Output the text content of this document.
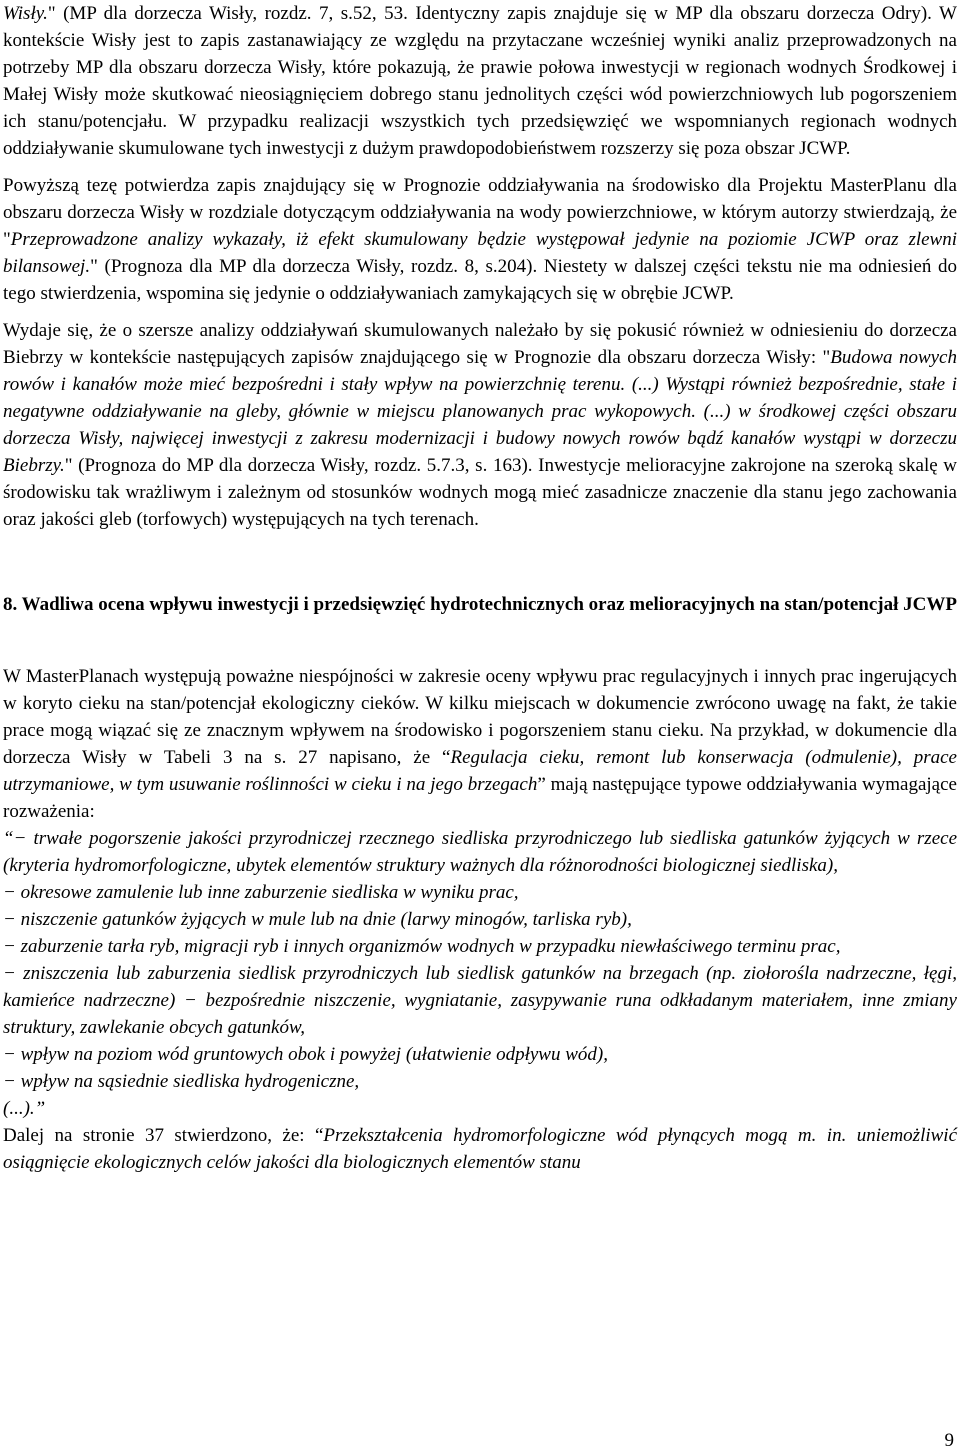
Wisły." (MP dla dorzecza Wisły, rozdz. 7, s.52, 53. Identyczny zapis znajduje się w MP dla obszaru dorzecza Odry). W kontekście Wisły jest to zapis zastanawiający ze względu na przytaczane wcześniej wyniki analiz przeprowadzonych na potrzeby MP dla obszaru dorzecza Wisły, które pokazują, że prawie połowa inwestycji w regionach wodnych Środkowej i Małej Wisły może skutkować nieosiągnięciem dobrego stanu jednolitych części wód powierzchniowych lub pogorszeniem ich stanu/potencjału. W przypadku realizacji wszystkich tych przedsięwzięć we wspomnianych regionach wodnych oddziaływanie skumulowane tych inwestycji z dużym prawdopodobieństwem rozszerzy się poza obszar JCWP.

Powyższą tezę potwierdza zapis znajdujący się w Prognozie oddziaływania na środowisko dla Projektu MasterPlanu dla obszaru dorzecza Wisły w rozdziale dotyczącym oddziaływania na wody powierzchniowe, w którym autorzy stwierdzają, że "Przeprowadzone analizy wykazały, iż efekt skumulowany będzie występował jedynie na poziomie JCWP oraz zlewni bilansowej." (Prognoza dla MP dla dorzecza Wisły, rozdz. 8, s.204). Niestety w dalszej części tekstu nie ma odniesień do tego stwierdzenia, wspomina się jedynie o oddziaływaniach zamykających się w obrębie JCWP.

Wydaje się, że o szersze analizy oddziaływań skumulowanych należało by się pokusić również w odniesieniu do dorzecza Biebrzy w kontekście następujących zapisów znajdującego się w Prognozie dla obszaru dorzecza Wisły: "Budowa nowych rowów i kanałów może mieć bezpośredni i stały wpływ na powierzchnię terenu. (...) Wystąpi również bezpośrednie, stałe i negatywne oddziaływanie na gleby, głównie w miejscu planowanych prac wykopowych. (...) w środkowej części obszaru dorzecza Wisły, najwięcej inwestycji z zakresu modernizacji i budowy nowych rowów bądź kanałów wystąpi w dorzeczu Biebrzy." (Prognoza do MP dla dorzecza Wisły, rozdz. 5.7.3, s. 163). Inwestycje melioracyjne zakrojone na szeroką skalę w środowisku tak wrażliwym i zależnym od stosunków wodnych mogą mieć zasadnicze znaczenie dla stanu jego zachowania oraz jakości gleb (torfowych) występujących na tych terenach.

8. Wadliwa ocena wpływu inwestycji i przedsięwzięć hydrotechnicznych oraz melioracyjnych na stan/potencjał JCWP

W MasterPlanach występują poważne niespójności w zakresie oceny wpływu prac regulacyjnych i innych prac ingerujących w koryto cieku na stan/potencjał ekologiczny cieków. W kilku miejscach w dokumencie zwrócono uwagę na fakt, że takie prace mogą wiązać się ze znacznym wpływem na środowisko i pogorszeniem stanu cieku. Na przykład, w dokumencie dla dorzecza Wisły w Tabeli 3 na s. 27 napisano, że “Regulacja cieku, remont lub konserwacja (odmulenie), prace utrzymaniowe, w tym usuwanie roślinności w cieku i na jego brzegach” mają następujące typowe oddziaływania wymagające rozważenia:

“− trwałe pogorszenie jakości przyrodniczej rzecznego siedliska przyrodniczego lub siedliska gatunków żyjących w rzece (kryteria hydromorfologiczne, ubytek elementów struktury ważnych dla różnorodności biologicznej siedliska),
− okresowe zamulenie lub inne zaburzenie siedliska w wyniku prac,
− niszczenie gatunków żyjących w mule lub na dnie (larwy minogów, tarliska ryb),
− zaburzenie tarła ryb, migracji ryb i innych organizmów wodnych w przypadku niewłaściwego terminu prac,
− zniszczenia lub zaburzenia siedlisk przyrodniczych lub siedlisk gatunków na brzegach (np. ziołorośla nadrzeczne, łęgi, kamieńce nadrzeczne) − bezpośrednie niszczenie, wygniatanie, zasypywanie runa odkładanym materiałem, inne zmiany struktury, zawlekanie obcych gatunków,
− wpływ na poziom wód gruntowych obok i powyżej (ułatwienie odpływu wód),
− wpływ na sąsiednie siedliska hydrogeniczne,
(...).”

Dalej na stronie 37 stwierdzono, że: “Przekształcenia hydromorfologiczne wód płynących mogą m. in. uniemożliwić osiągnięcie ekologicznych celów jakości dla biologicznych elementów stanu

9
